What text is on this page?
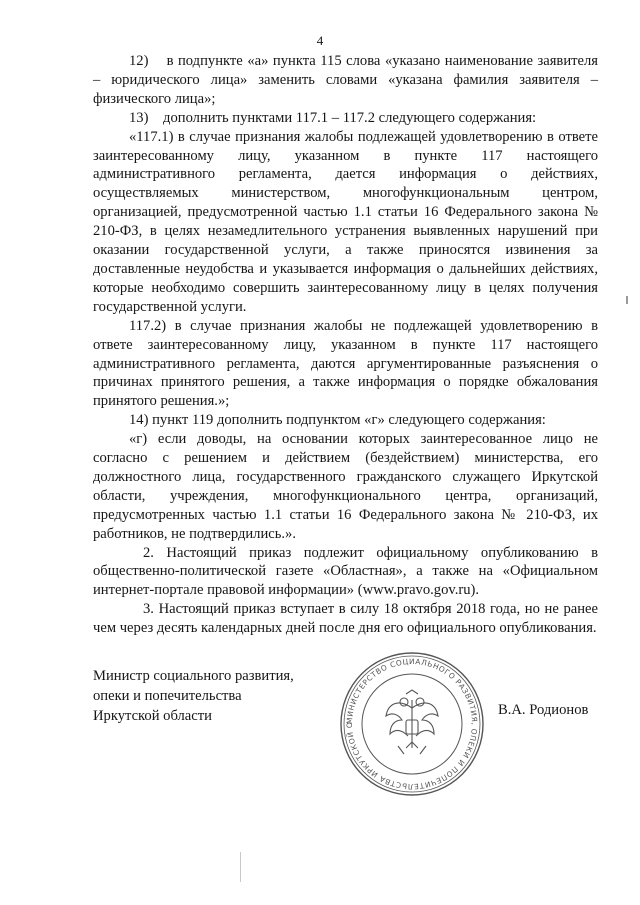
4

12)    в подпункте «а» пункта 115 слова «указано наименование заявителя – юридического лица» заменить словами «указана фамилия заявителя – физического лица»;

13)    дополнить пунктами 117.1 – 117.2 следующего содержания:

«117.1) в случае признания жалобы подлежащей удовлетворению в ответе заинтересованному лицу, указанном в пункте 117 настоящего административного регламента, дается информация о действиях, осуществляемых министерством, многофункциональным центром, организацией, предусмотренной частью 1.1 статьи 16 Федерального закона № 210-ФЗ, в целях незамедлительного устранения выявленных нарушений при оказании государственной услуги, а также приносятся извинения за доставленные неудобства и указывается информация о дальнейших действиях, которые необходимо совершить заинтересованному лицу в целях получения государственной услуги.

117.2) в случае признания жалобы не подлежащей удовлетворению в ответе заинтересованному лицу, указанном в пункте 117 настоящего административного регламента, даются аргументированные разъяснения о причинах принятого решения, а также информация о порядке обжалования принятого решения.»;

14) пункт 119 дополнить подпунктом «г» следующего содержания:

«г) если доводы, на основании которых заинтересованное лицо не согласно с решением и действием (бездействием) министерства, его должностного лица, государственного гражданского служащего Иркутской области, учреждения, многофункционального центра, организаций, предусмотренных частью 1.1 статьи 16 Федерального закона № 210-ФЗ, их работников, не подтвердились.».

2. Настоящий приказ подлежит официальному опубликованию в общественно-политической газете «Областная», а также на «Официальном интернет-портале правовой информации» (www.pravo.gov.ru).

3. Настоящий приказ вступает в силу 18 октября 2018 года, но не ранее чем через десять календарных дней после дня его официального опубликования.

Министр социального развития,
опеки и попечительства
Иркутской области	МИНИСТЕРСТВО СОЦИАЛЬНОГО РАЗВИТИЯ, ОПЕКИ И ПОПЕЧИТЕЛЬСТВА ИРКУТСКОЙ О
В.А. Родионов
